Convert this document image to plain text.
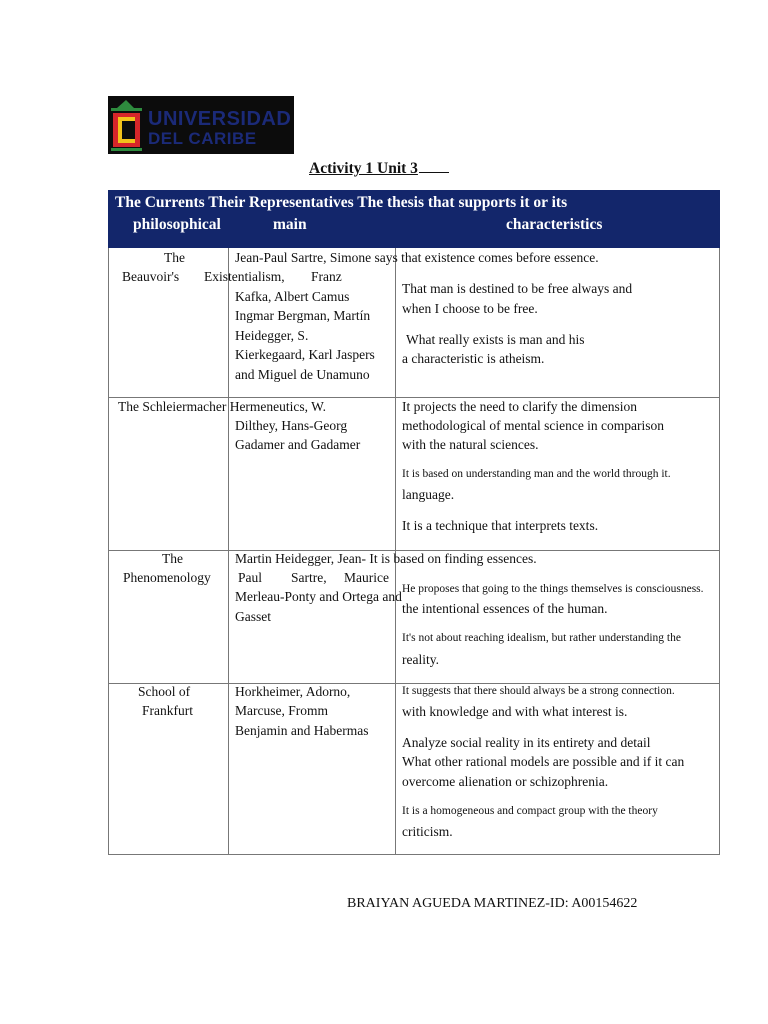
UNIVERSIDAD
DEL CARIBE
Activity 1 Unit 3
The Currents Their Representatives The thesis that supports it or its
philosophical	main	characteristics
The
Beauvoir's Existentialism, Franz
Jean-Paul Sartre, Simone says that existence comes before essence.
Kafka, Albert Camus
Ingmar Bergman, Martín
Heidegger, S.
Kierkegaard, Karl Jaspers
and Miguel de Unamuno
That man is destined to be free always and
when I choose to be free.
What really exists is man and his
a characteristic is atheism.
The Schleiermacher Hermeneutics, W.
Dilthey, Hans-Georg
Gadamer and Gadamer
It projects the need to clarify the dimension
methodological of mental science in comparison
with the natural sciences.
It is based on understanding man and the world through it.
language.
It is a technique that interprets texts.
The
Phenomenology
Martin Heidegger, Jean- It is based on finding essences.
Paul Sartre, Maurice
Merleau-Ponty and Ortega and
Gasset
He proposes that going to the things themselves is consciousness.
the intentional essences of the human.
It's not about reaching idealism, but rather understanding the
reality.
School of
Frankfurt
Horkheimer, Adorno,
Marcuse, Fromm
Benjamin and Habermas
It suggests that there should always be a strong connection.
with knowledge and with what interest is.
Analyze social reality in its entirety and detail
What other rational models are possible and if it can
overcome alienation or schizophrenia.
It is a homogeneous and compact group with the theory
criticism.
BRAIYAN AGUEDA MARTINEZ-ID: A00154622
